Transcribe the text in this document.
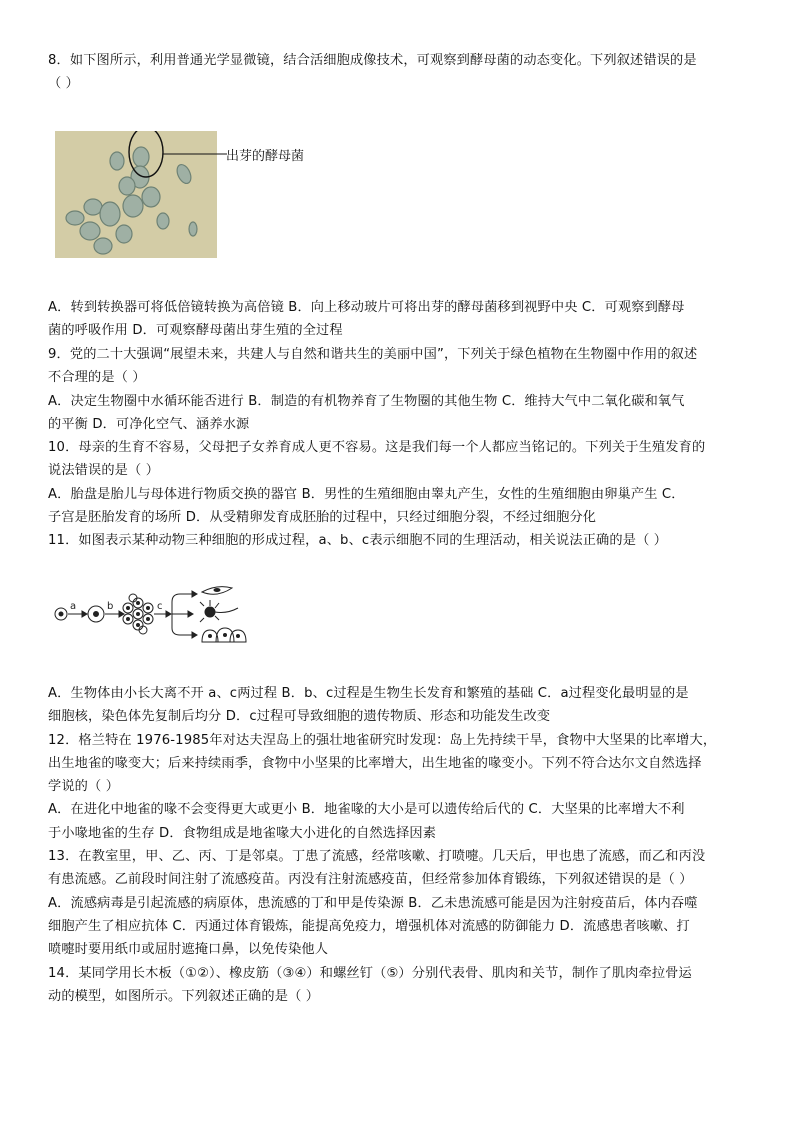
8．如下图所示，利用普通光学显微镜，结合活细胞成像技术，可观察到酵母菌的动态变化。下列叙述错误的是
（ ）
出芽的酵母菌
A．转到转换器可将低倍镜转换为高倍镜 B．向上移动玻片可将出芽的酵母菌移到视野中央 C．可观察到酵母
菌的呼吸作用 D．可观察酵母菌出芽生殖的全过程
9．党的二十大强调“展望未来，共建人与自然和谐共生的美丽中国”，下列关于绿色植物在生物圈中作用的叙述
不合理的是（ ）
A．决定生物圈中水循环能否进行 B．制造的有机物养育了生物圈的其他生物 C．维持大气中二氧化碳和氧气
的平衡 D．可净化空气、涵养水源
10．母亲的生育不容易，父母把子女养育成人更不容易。这是我们每一个人都应当铭记的。下列关于生殖发育的
说法错误的是（ ）
A．胎盘是胎儿与母体进行物质交换的器官 B．男性的生殖细胞由睾丸产生，女性的生殖细胞由卵巢产生 C．
子宫是胚胎发育的场所 D．从受精卵发育成胚胎的过程中，只经过细胞分裂，不经过细胞分化
11．如图表示某种动物三种细胞的形成过程，a、b、c表示细胞不同的生理活动，相关说法正确的是（ ）
a	b	c
A．生物体由小长大离不开 a、c两过程 B．b、c过程是生物生长发育和繁殖的基础 C．a过程变化最明显的是
细胞核，染色体先复制后均分 D．c过程可导致细胞的遗传物质、形态和功能发生改变
12．格兰特在 1976-1985年对达夫涅岛上的强壮地雀研究时发现：岛上先持续干旱，食物中大坚果的比率增大，
出生地雀的喙变大；后来持续雨季，食物中小坚果的比率增大，出生地雀的喙变小。下列不符合达尔文自然选择
学说的（ ）
A．在进化中地雀的喙不会变得更大或更小 B．地雀喙的大小是可以遗传给后代的 C．大坚果的比率增大不利
于小喙地雀的生存 D．食物组成是地雀喙大小进化的自然选择因素
13．在教室里，甲、乙、丙、丁是邻桌。丁患了流感，经常咳嗽、打喷嚏。几天后，甲也患了流感，而乙和丙没
有患流感。乙前段时间注射了流感疫苗。丙没有注射流感疫苗，但经常参加体育锻练，下列叙述错误的是（ ）
A．流感病毒是引起流感的病原体，患流感的丁和甲是传染源 B．乙未患流感可能是因为注射疫苗后，体内吞噬
细胞产生了相应抗体 C．丙通过体育锻炼，能提高免疫力，增强机体对流感的防御能力 D．流感患者咳嗽、打
喷嚏时要用纸巾或屈肘遮掩口鼻，以免传染他人
14．某同学用长木板（①②）、橡皮筋（③④）和螺丝钉（⑤）分别代表骨、肌肉和关节，制作了肌肉牵拉骨运
动的模型，如图所示。下列叙述正确的是（ ）
